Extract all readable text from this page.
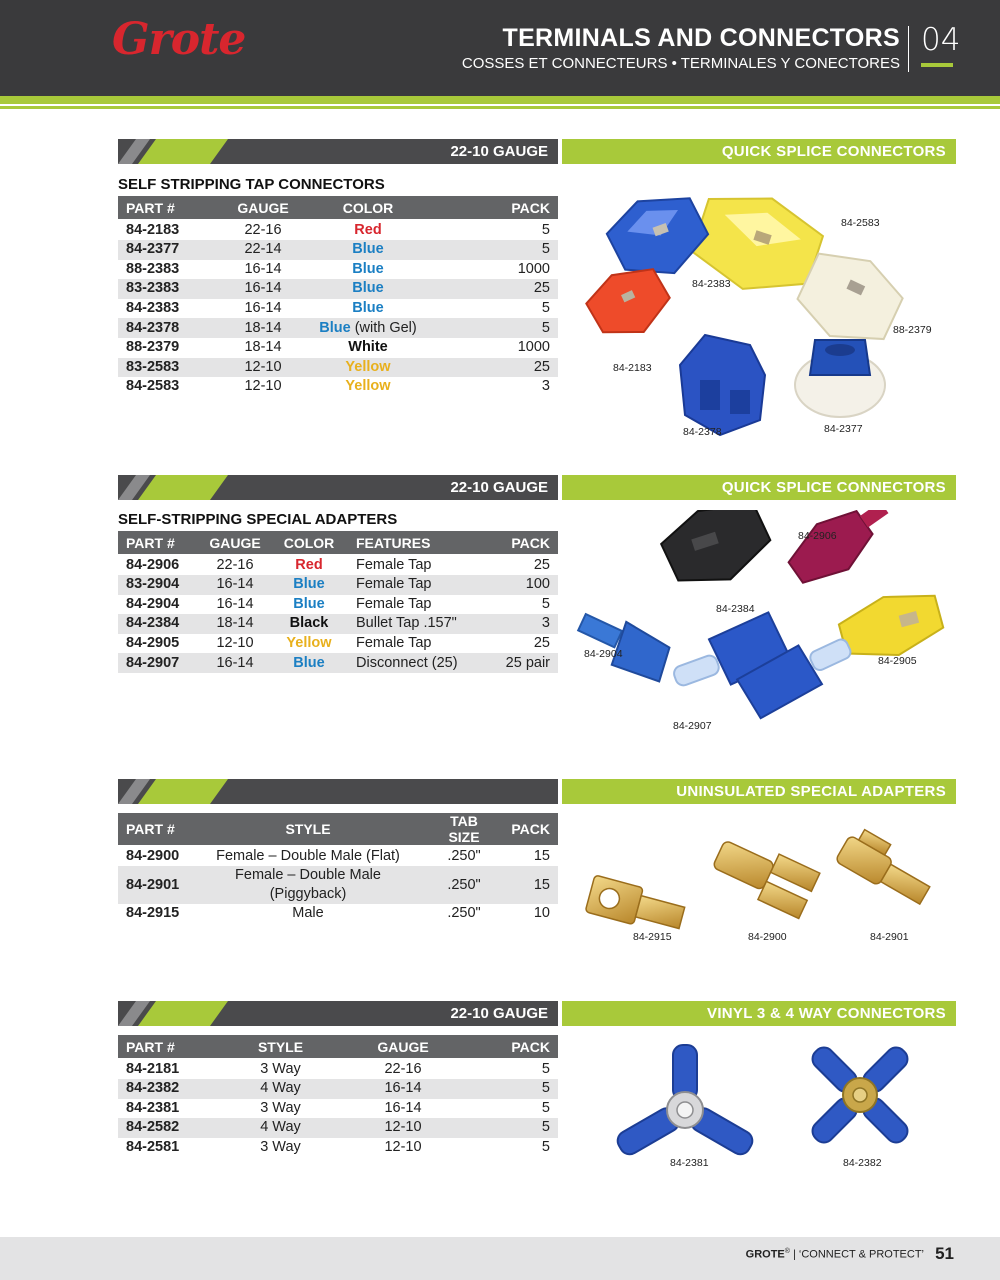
Grote	TERMINALS AND CONNECTORS
COSSES ET CONNECTEURS • TERMINALES Y CONECTORES
04
22-10 GAUGE	QUICK SPLICE CONNECTORS
SELF STRIPPING TAP CONNECTORS
PART #	GAUGE	COLOR	PACK
84-2183	22-16	Red	5
84-2377	22-14	Blue	5
88-2383	16-14	Blue	1000
83-2383	16-14	Blue	25
84-2383	16-14	Blue	5
84-2378	18-14	Blue (with Gel)	5
88-2379	18-14	White	1000
83-2583	12-10	Yellow	25
84-2583	12-10	Yellow	3
84-2583
84-2383
88-2379
84-2183
84-2378	84-2377
22-10 GAUGE	QUICK SPLICE CONNECTORS
SELF-STRIPPING SPECIAL ADAPTERS
PART #	GAUGE	COLOR	FEATURES	PACK
84-2906	22-16	Red	Female Tap	25
83-2904	16-14	Blue	Female Tap	100
84-2904	16-14	Blue	Female Tap	5
84-2384	18-14	Black	Bullet Tap .157"	3
84-2905	12-10	Yellow	Female Tap	25
84-2907	16-14	Blue	Disconnect (25)	25 pair
84-2906
84-2384
84-2904
84-2905
84-2907
UNINSULATED SPECIAL ADAPTERS
PART #	STYLE	TAB SIZE	PACK
84-2900	Female – Double Male (Flat)	.250"	15
84-2901	Female – Double Male (Piggyback)	.250"	15
84-2915	Male	.250"	10
84-2915	84-2900	84-2901
22-10 GAUGE	VINYL 3 & 4 WAY CONNECTORS
PART #	STYLE	GAUGE	PACK
84-2181	3 Way	22-16	5
84-2382	4 Way	16-14	5
84-2381	3 Way	16-14	5
84-2582	4 Way	12-10	5
84-2581	3 Way	12-10	5
84-2381	84-2382
GROTE® | ‘CONNECT & PROTECT’ 51
